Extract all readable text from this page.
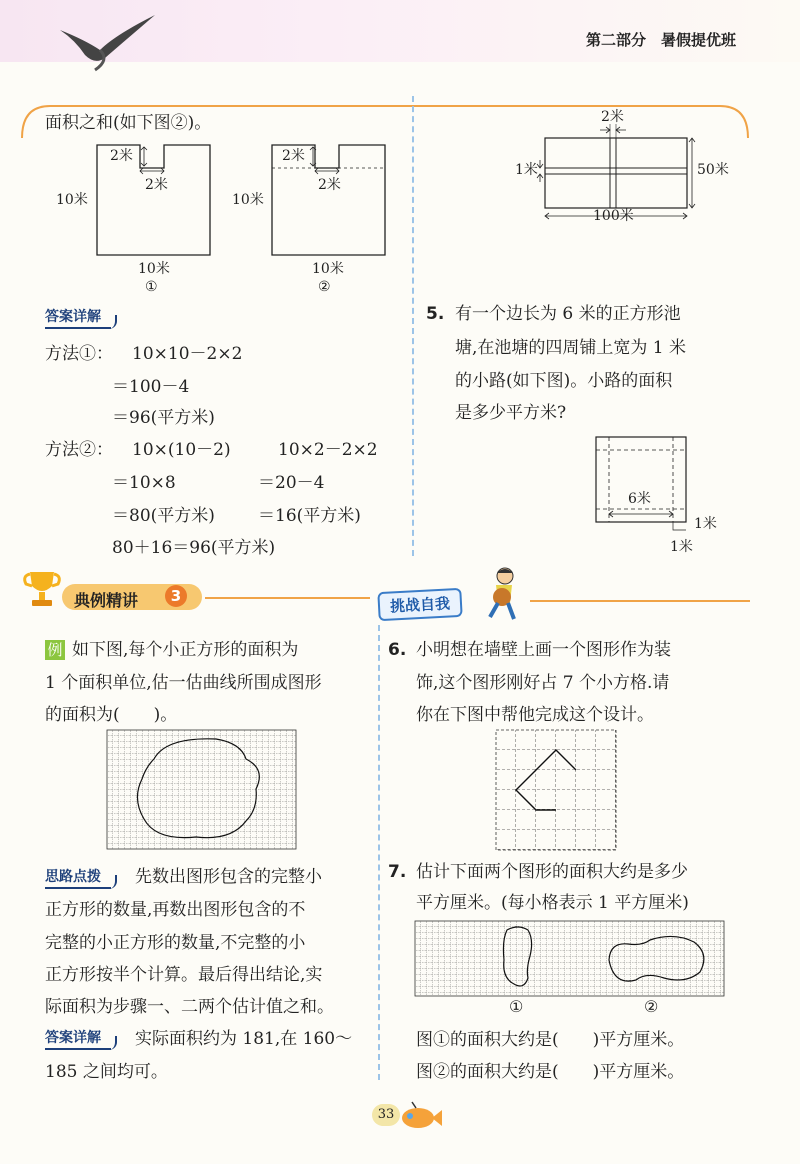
第二部分　暑假提优班
面积之和(如下图②)。
2米
2米
10米
10米
①
2米
2米
10米
10米
②
答案详解
方法①： 10×10－2×2
＝100－4
＝96(平方米)
方法②： 10×(10－2)
＝10×8
＝80(平方米)
10×2－2×2
＝20－4
＝16(平方米)
80＋16＝96(平方米)
2米
1米	50米
100米
5. 有一个边长为 6 米的正方形池
塘,在池塘的四周铺上宽为 1 米
的小路(如下图)。小路的面积
是多少平方米?
6米
1米
1米
典例精讲	3	挑战自我
例 如下图,每个小正方形的面积为
1 个面积单位,估一估曲线所围成图形
的面积为(　　)。
思路点拨	先数出图形包含的完整小
正方形的数量,再数出图形包含的不
完整的小正方形的数量,不完整的小
正方形按半个计算。最后得出结论,实
际面积为步骤一、二两个估计值之和。
答案详解	实际面积约为 181,在 160～
185 之间均可。
6. 小明想在墙壁上画一个图形作为装
饰,这个图形刚好占 7 个小方格.请
你在下图中帮他完成这个设计。
7. 估计下面两个图形的面积大约是多少
平方厘米。(每小格表示 1 平方厘米)
①	②
图①的面积大约是(　　)平方厘米。
图②的面积大约是(　　)平方厘米。
33
